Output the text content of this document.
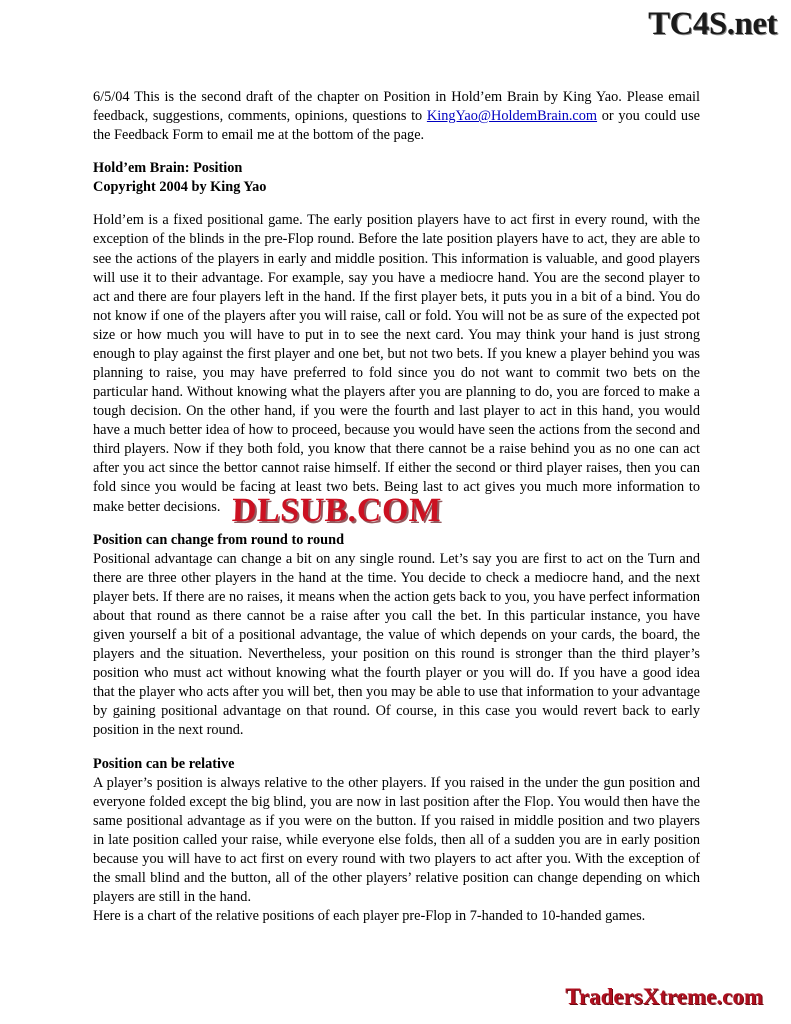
TC4S.net

6/5/04 This is the second draft of the chapter on Position in Hold’em Brain by King Yao. Please email feedback, suggestions, comments, opinions, questions to KingYao@HoldemBrain.com or you could use the Feedback Form to email me at the bottom of the page.

Hold’em Brain: Position

Copyright 2004 by King Yao

Hold’em is a fixed positional game. The early position players have to act first in every round, with the exception of the blinds in the pre-Flop round. Before the late position players have to act, they are able to see the actions of the players in early and middle position. This information is valuable, and good players will use it to their advantage. For example, say you have a mediocre hand. You are the second player to act and there are four players left in the hand. If the first player bets, it puts you in a bit of a bind. You do not know if one of the players after you will raise, call or fold. You will not be as sure of the expected pot size or how much you will have to put in to see the next card. You may think your hand is just strong enough to play against the first player and one bet, but not two bets. If you knew a player behind you was planning to raise, you may have preferred to fold since you do not want to commit two bets on the particular hand. Without knowing what the players after you are planning to do, you are forced to make a tough decision. On the other hand, if you were the fourth and last player to act in this hand, you would have a much better idea of how to proceed, because you would have seen the actions from the second and third players. Now if they both fold, you know that there cannot be a raise behind you as no one can act after you act since the bettor cannot raise himself. If either the second or third player raises, then you can fold since you would be facing at least two bets. Being last to act gives you much more information to make better decisions.

Position can change from round to round

Positional advantage can change a bit on any single round. Let’s say you are first to act on the Turn and there are three other players in the hand at the time. You decide to check a mediocre hand, and the next player bets. If there are no raises, it means when the action gets back to you, you have perfect information about that round as there cannot be a raise after you call the bet. In this particular instance, you have given yourself a bit of a positional advantage, the value of which depends on your cards, the board, the players and the situation. Nevertheless, your position on this round is stronger than the third player’s position who must act without knowing what the fourth player or you will do. If you have a good idea that the player who acts after you will bet, then you may be able to use that information to your advantage by gaining positional advantage on that round. Of course, in this case you would revert back to early position in the next round.

Position can be relative

A player’s position is always relative to the other players. If you raised in the under the gun position and everyone folded except the big blind, you are now in last position after the Flop. You would then have the same positional advantage as if you were on the button. If you raised in middle position and two players in late position called your raise, while everyone else folds, then all of a sudden you are in early position because you will have to act first on every round with two players to act after you. With the exception of the small blind and the button, all of the other players’ relative position can change depending on which players are still in the hand.

Here is a chart of the relative positions of each player pre-Flop in 7-handed to 10-handed games.

DLSUB.COM
TradersXtreme.com
